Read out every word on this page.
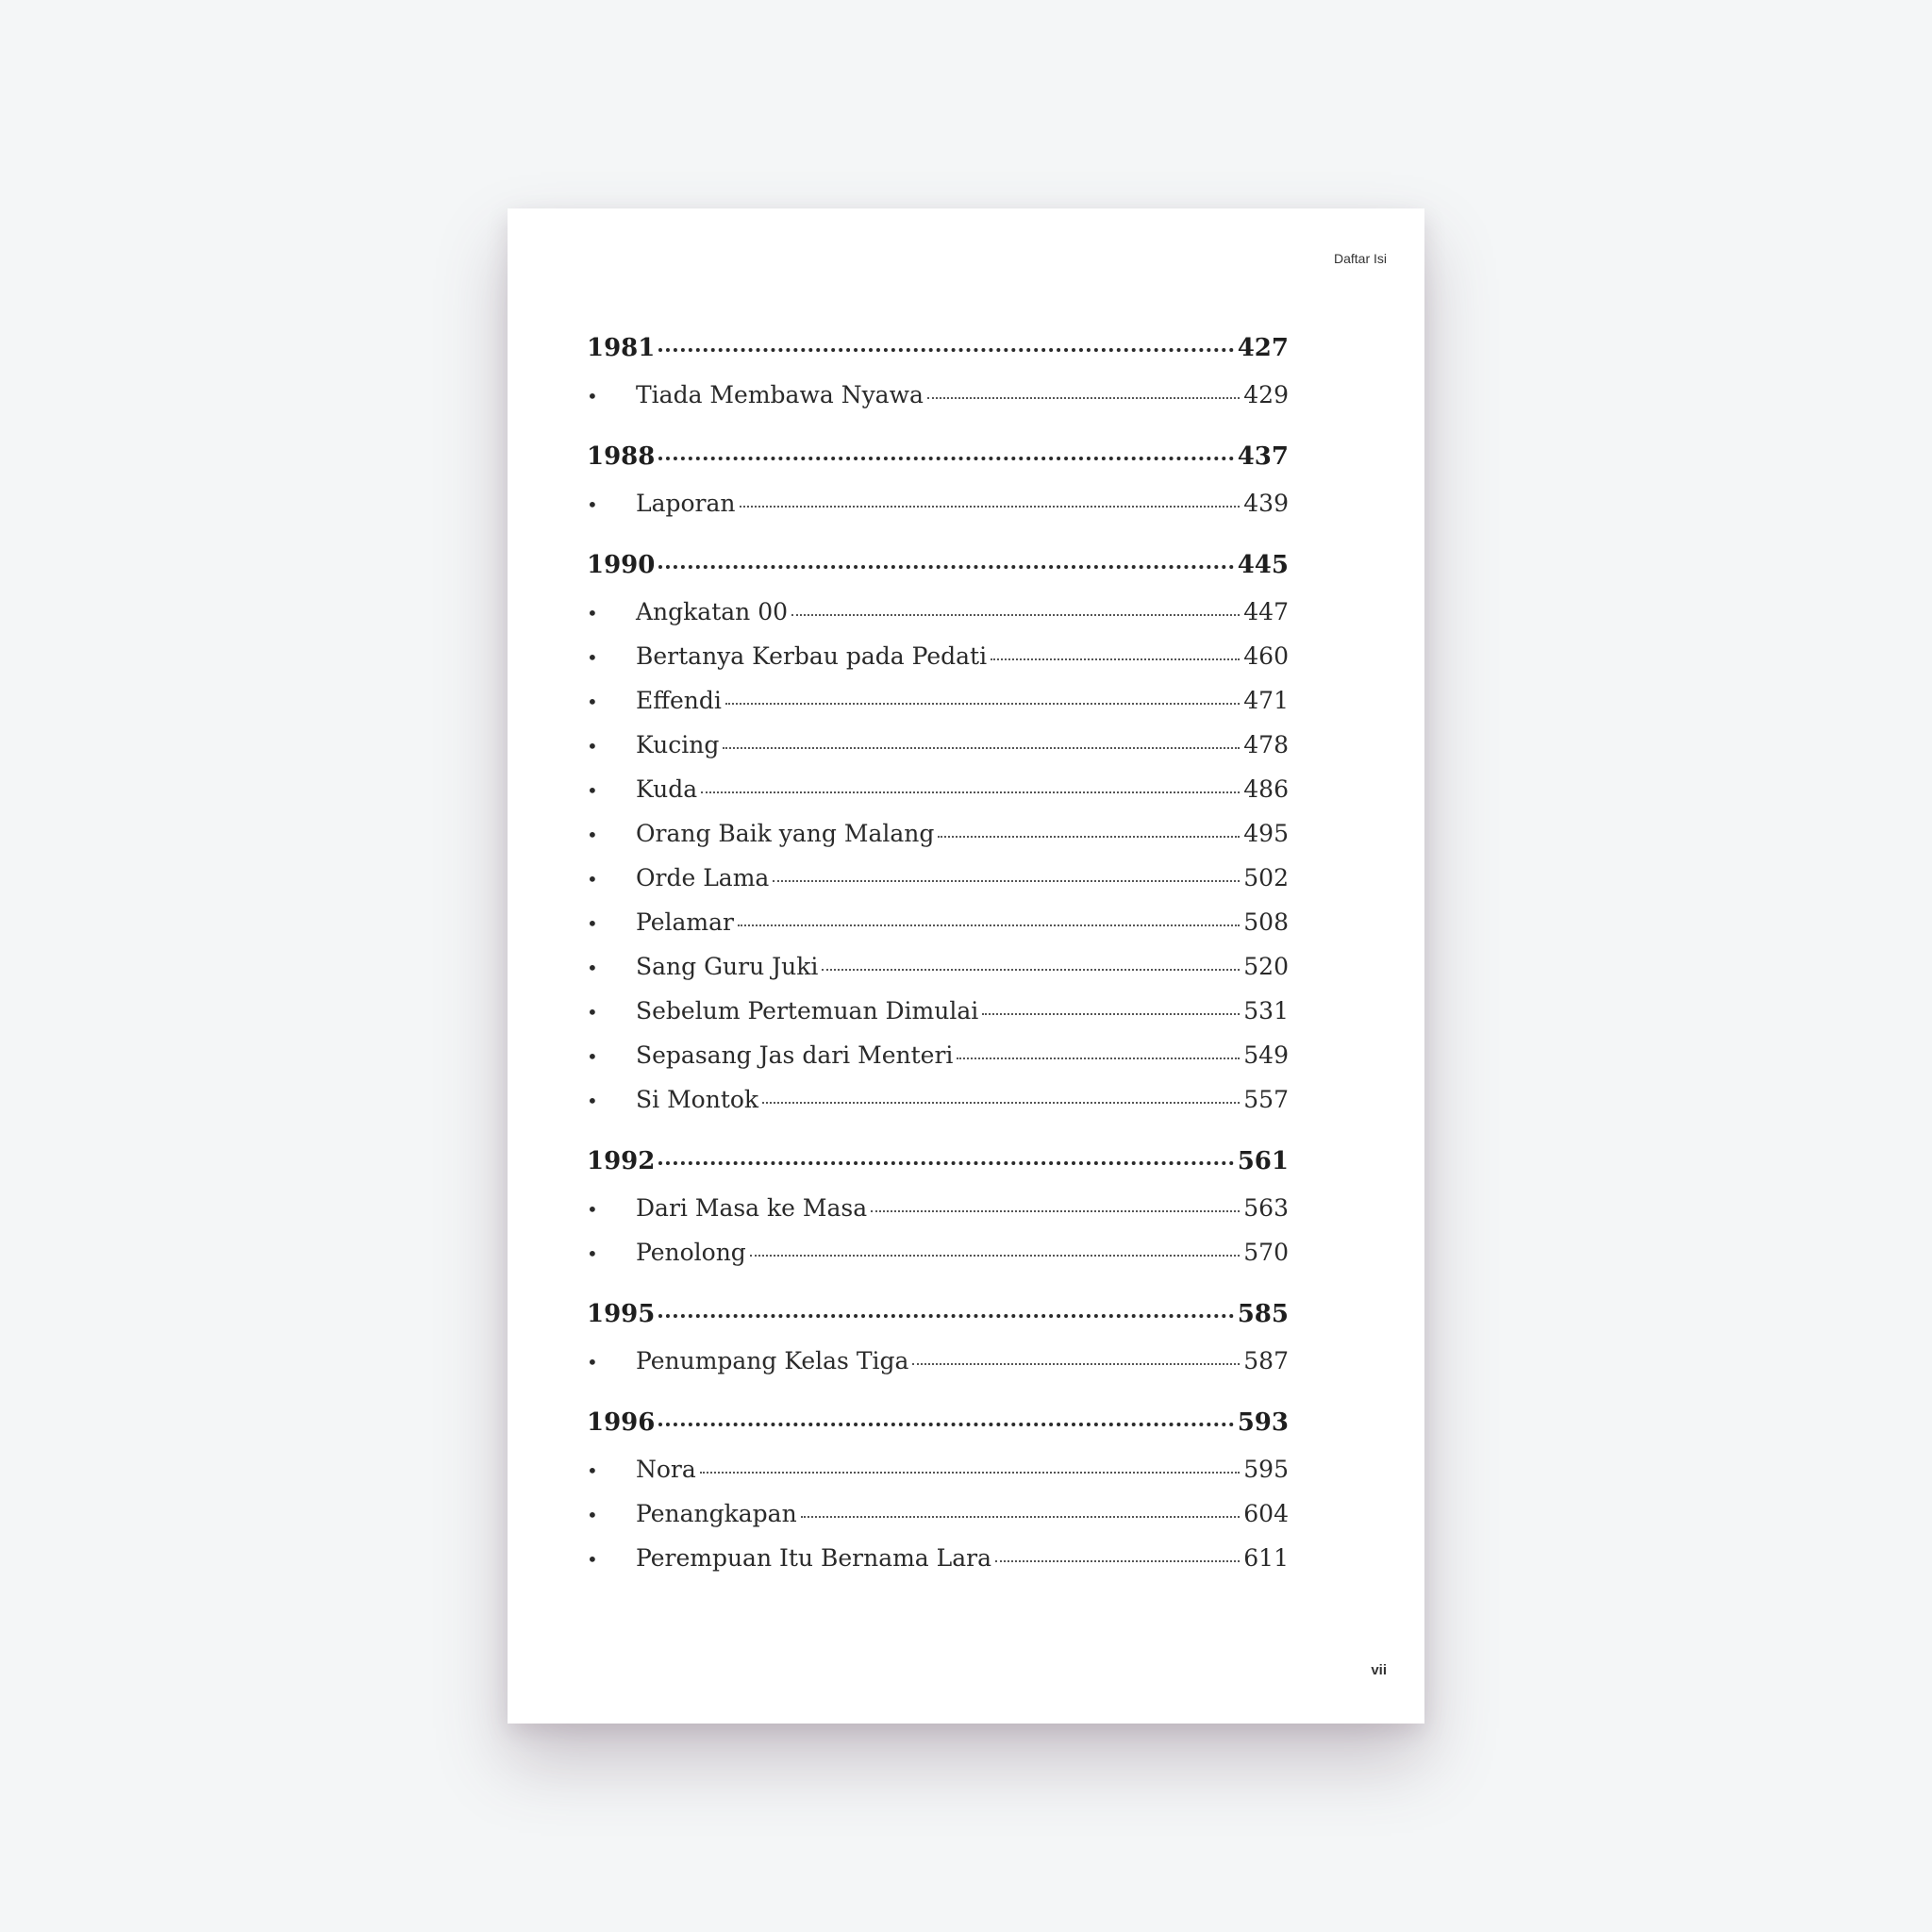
Daftar Isi
1981	427
•	Tiada Membawa Nyawa	429
1988	437
•	Laporan	439
1990	445
•	Angkatan 00	447
•	Bertanya Kerbau pada Pedati	460
•	Effendi	471
•	Kucing	478
•	Kuda	486
•	Orang Baik yang Malang	495
•	Orde Lama	502
•	Pelamar	508
•	Sang Guru Juki	520
•	Sebelum Pertemuan Dimulai	531
•	Sepasang Jas dari Menteri	549
•	Si Montok	557
1992	561
•	Dari Masa ke Masa	563
•	Penolong	570
1995	585
•	Penumpang Kelas Tiga	587
1996	593
•	Nora	595
•	Penangkapan	604
•	Perempuan Itu Bernama Lara	611
vii
